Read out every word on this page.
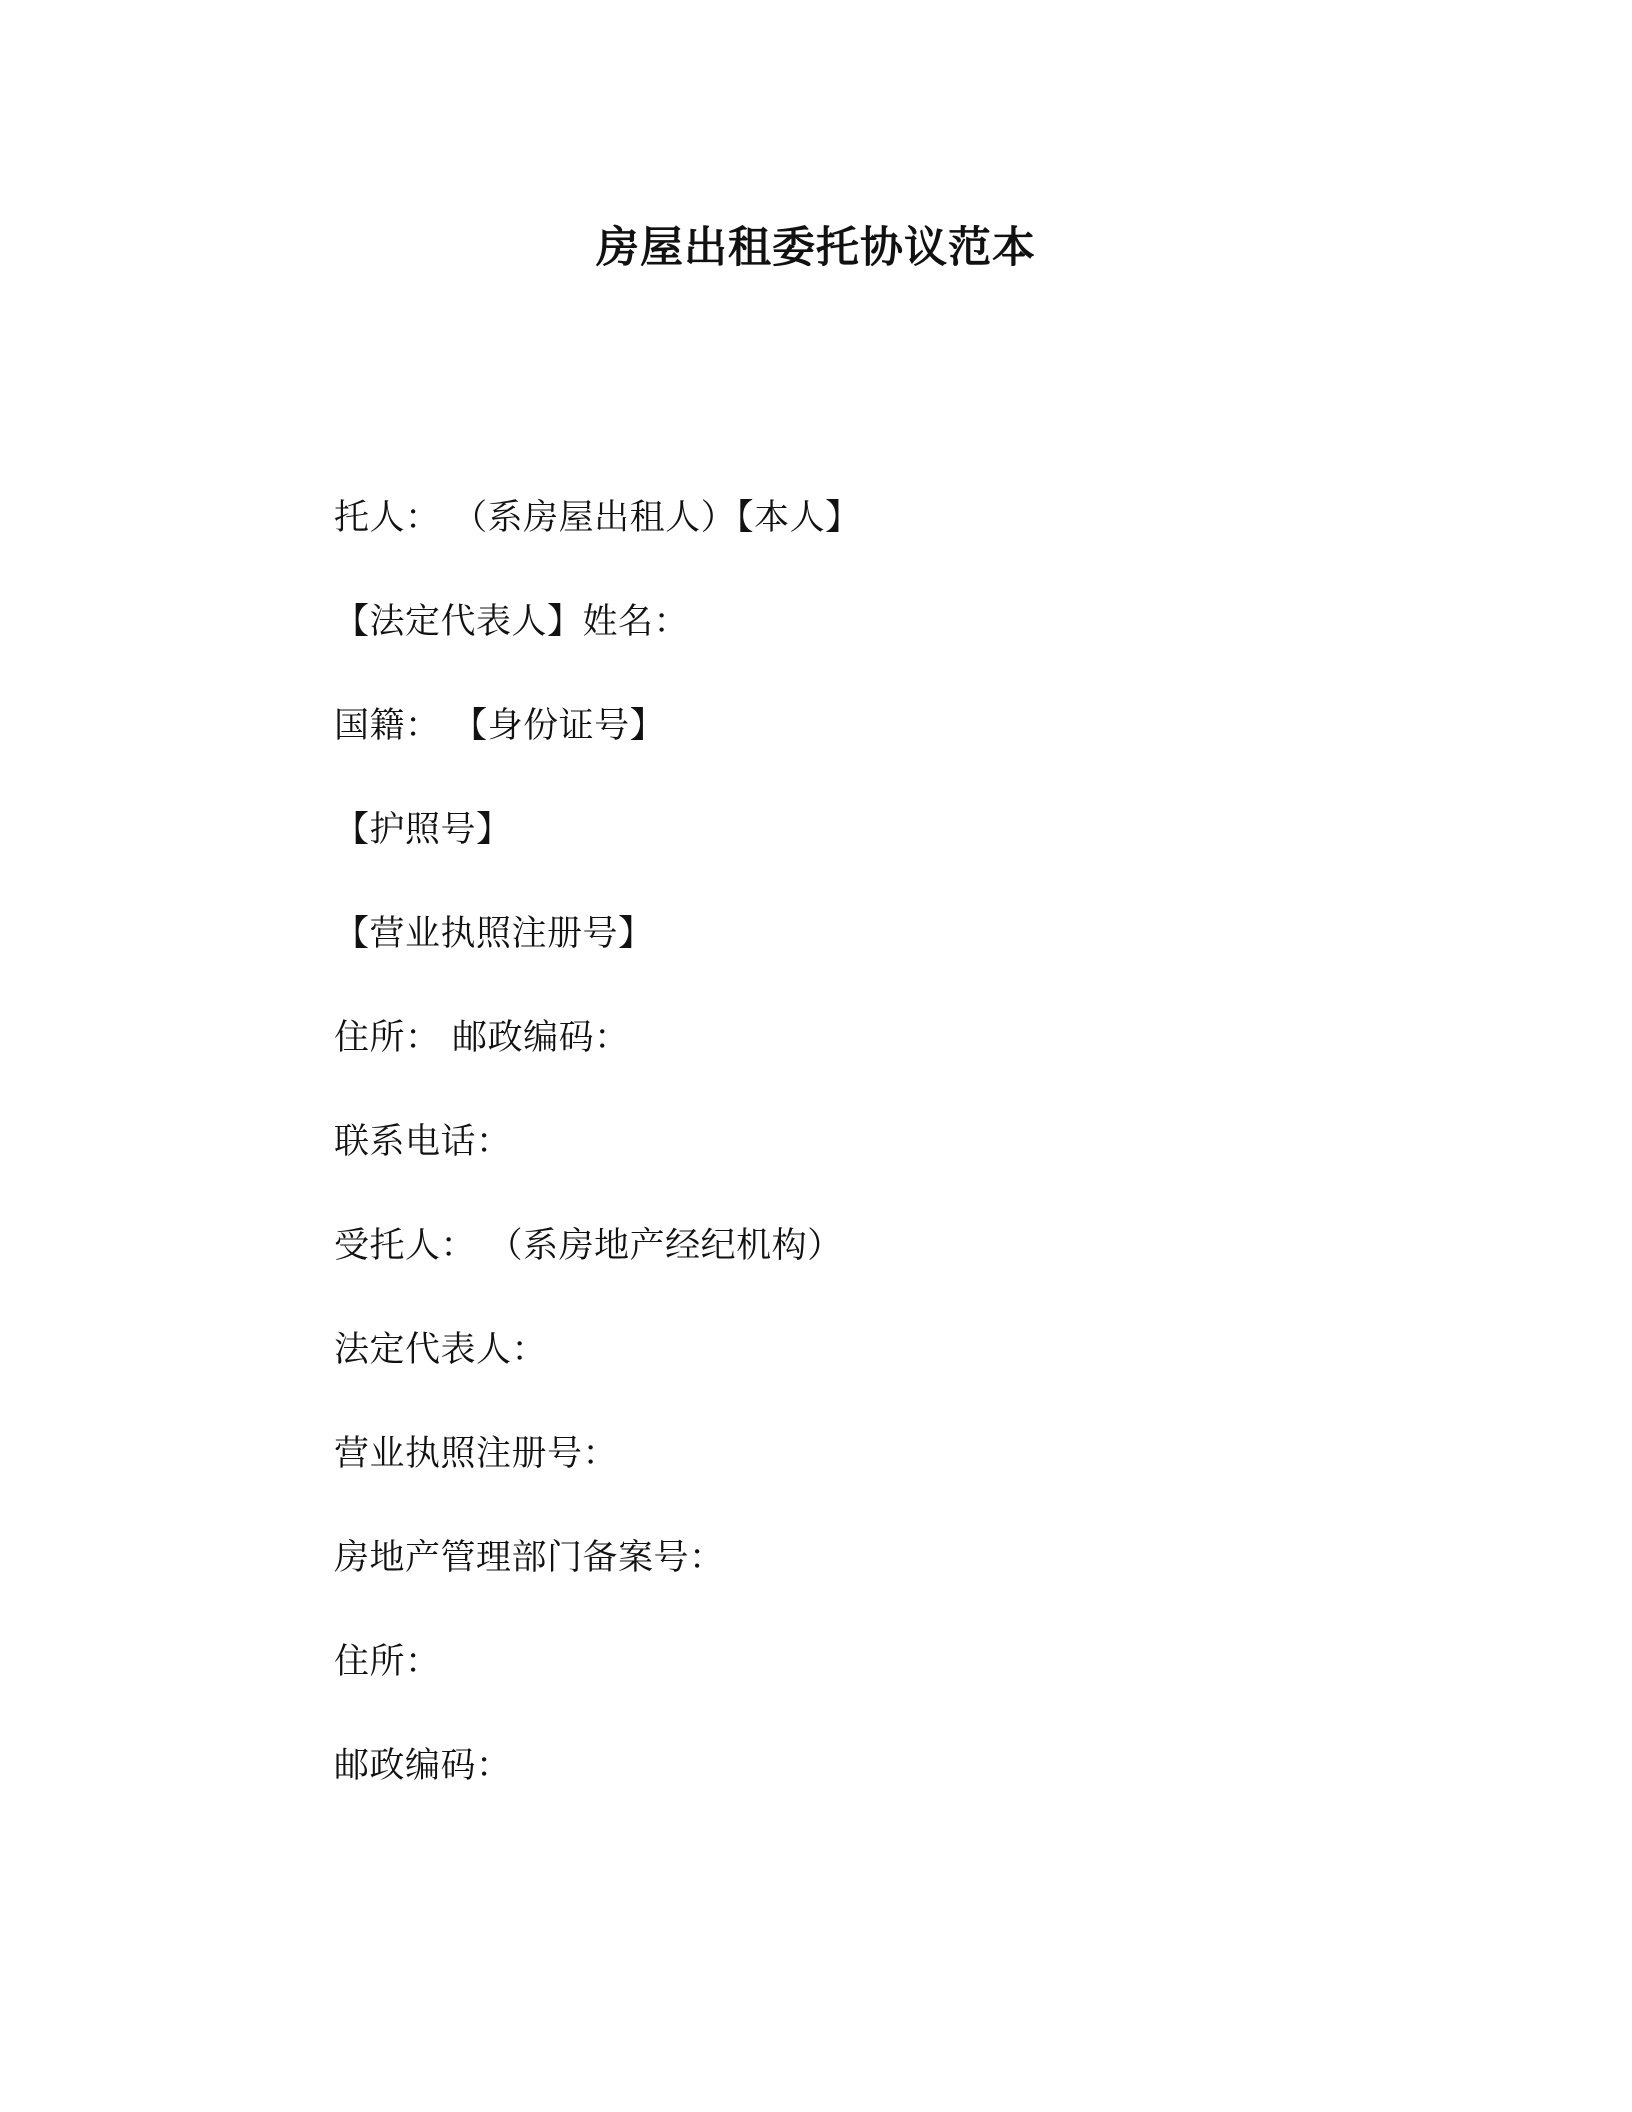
房屋出租委托协议范本
托人： （系房屋出租人）【本人】
【法定代表人】姓名：
国籍： 【身份证号】
【护照号】
【营业执照注册号】
住所： 邮政编码：
联系电话：
受托人： （系房地产经纪机构）
法定代表人：
营业执照注册号：
房地产管理部门备案号：
住所：
邮政编码：
